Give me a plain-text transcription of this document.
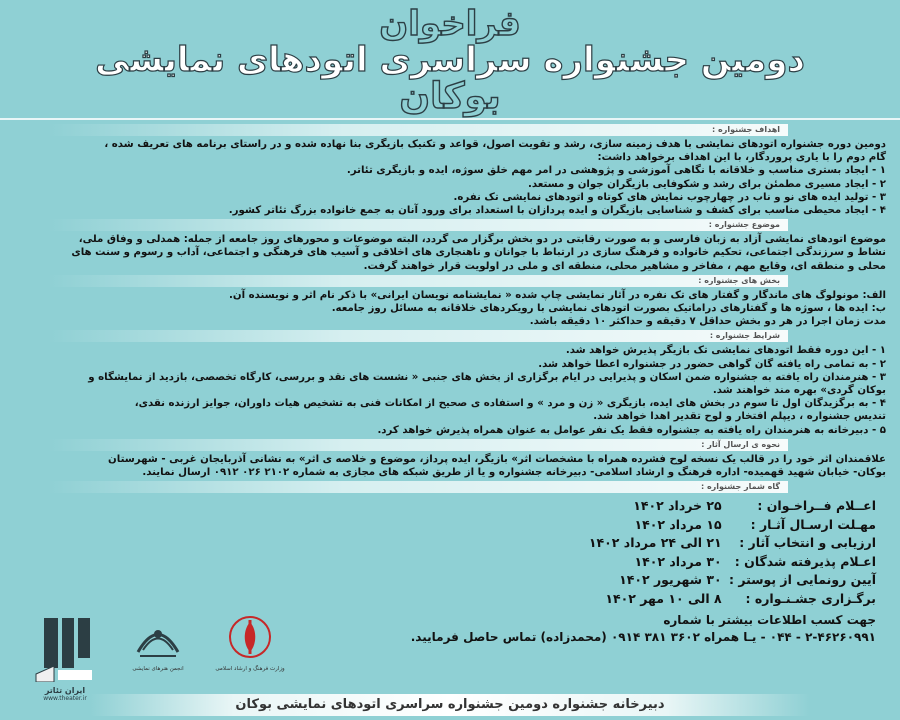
فراخوان
دومین جشنواره سراسری اتودهای نمایشی
بوکان
اهداف جشنواره :

دومین دوره جشنواره اتودهای نمایشی با هدف زمینه سازی، رشد و تقویت اصول، قواعد و تکنیک بازیگری بنا نهاده شده و در راستای برنامه های تعریف شده ،

گام دوم را با یاری پروردگار، با این اهداف برخواهد داشت:

۱ - ایجاد بستری مناسب و خلاقانه با نگاهی آموزشی و پژوهشی در امر مهم خلق سوژه، ایده و بازیگری تئاتر.

۲ - ایجاد مسیری مطمئن برای رشد و شکوفایی بازیگران جوان و مستعد.

۳ - تولید ایده های نو و ناب در چهارچوب نمایش های کوتاه و اتودهای نمایشی تک نفره.

۴ - ایجاد محیطی مناسب برای کشف و شناسایی بازیگران و ایده پردازان با استعداد برای ورود آنان به جمع خانواده بزرگ تئاتر کشور.

موضوع جشنواره :

موضوع اتودهای نمایشی آزاد به زبان فارسی و به صورت رقابتی در دو بخش برگزار می گردد، البته موضوعات و محورهای روز جامعه از جمله: همدلی و وفاق ملی،

نشاط و سرزندگی اجتماعی، تحکیم خانواده و فرهنگ سازی در ارتباط با جوانان و ناهنجاری های اخلاقی و آسیب های فرهنگی و اجتماعی، آداب و رسوم و سنت های

محلی و منطقه ای، وقایع مهم ، مفاخر و مشاهیر محلی، منطقه ای و ملی در اولویت قرار خواهند گرفت.

بخش های جشنواره :

الف: مونولوگ های ماندگار و گفتار های تک نفره در آثار نمایشی چاپ شده « نمایشنامه نویسان ایرانی» با ذکر نام اثر و نویسنده آن.

ب: ایده ها ، سوژه ها و گفتارهای دراماتیک بصورت اتودهای نمایشی با رویکردهای خلاقانه به مسائل روز جامعه.

مدت زمان اجرا در هر دو بخش حداقل ۷ دقیقه و حداکثر ۱۰ دقیقه باشد.

شرایط جشنواره :

۱ - این دوره فقط اتودهای نمایشی تک بازیگر پذیرش خواهد شد.

۲ - به تمامی راه یافته گان گواهی حضور در جشنواره اعطا خواهد شد.

۳ - هنرمندان راه یافته به جشنواره ضمن اسکان و پذیرایی در ایام برگزاری از بخش های جنبی « نشست های نقد و بررسی، کارگاه تخصصی، بازدید از نمایشگاه و

بوکان گردی» بهره مند خواهند شد.

۴ - به برگزیدگان اول تا سوم در بخش های ایده، بازیگری « زن و مرد » و استفاده ی صحیح از امکانات فنی به تشخیص هیات داوران، جوایز ارزنده نقدی،

تندیس جشنواره ، دیپلم افتخار و لوح تقدیر اهدا خواهد شد.

۵ - دبیرخانه به هنرمندان راه یافته به جشنواره فقط یک نفر عوامل به عنوان همراه پذیرش خواهد کرد.

نحوه ی ارسال آثار :

علاقمندان اثر خود را در قالب یک نسخه لوح فشرده همراه با مشخصات اثر» بازیگر، ایده پرداز، موضوع و خلاصه ی اثر» به نشانی آذربایجان غربی - شهرستان

بوکان- خیابان شهید قهمیده- اداره فرهنگ و ارشاد اسلامی- دبیرخانه جشنواره و یا از طریق شبکه های مجازی به شماره ۲۱۰۲ ۰۲۶ ۰۹۱۲ ارسال نمایند.

گاه شمار جشنواره :
اعــلام فــراخـوان : ۲۵ خرداد ۱۴۰۲
مهـلت ارسـال آثـار : ۱۵ مرداد ۱۴۰۲
ارزیابی و انتخاب آثار : ۲۱ الی ۲۴ مرداد ۱۴۰۲
اعـلام پذیرفته شدگان : ۳۰ مرداد ۱۴۰۲
آیین رونمایی از پوستر : ۳۰ شهریور ۱۴۰۲
برگـزاری جشـنـواره : ۸ الی ۱۰ مهر ۱۴۰۲

جهت کسب اطلاعات بیشتر با شماره

۲-۴۶۲۶۰۹۹۱ - ۰۴۴ - یـا همراه ۳۶۰۲ ۳۸۱ ۰۹۱۴ (محمدزاده) تماس حاصل فرمایید.

ایران تئاتر
www.theater.ir
انجمن هنرهای نمایشی	وزارت فرهنگ و ارشاد اسلامی
دبیرخانه جشنواره دومین جشنواره سراسری اتودهای نمایشی بوکان
